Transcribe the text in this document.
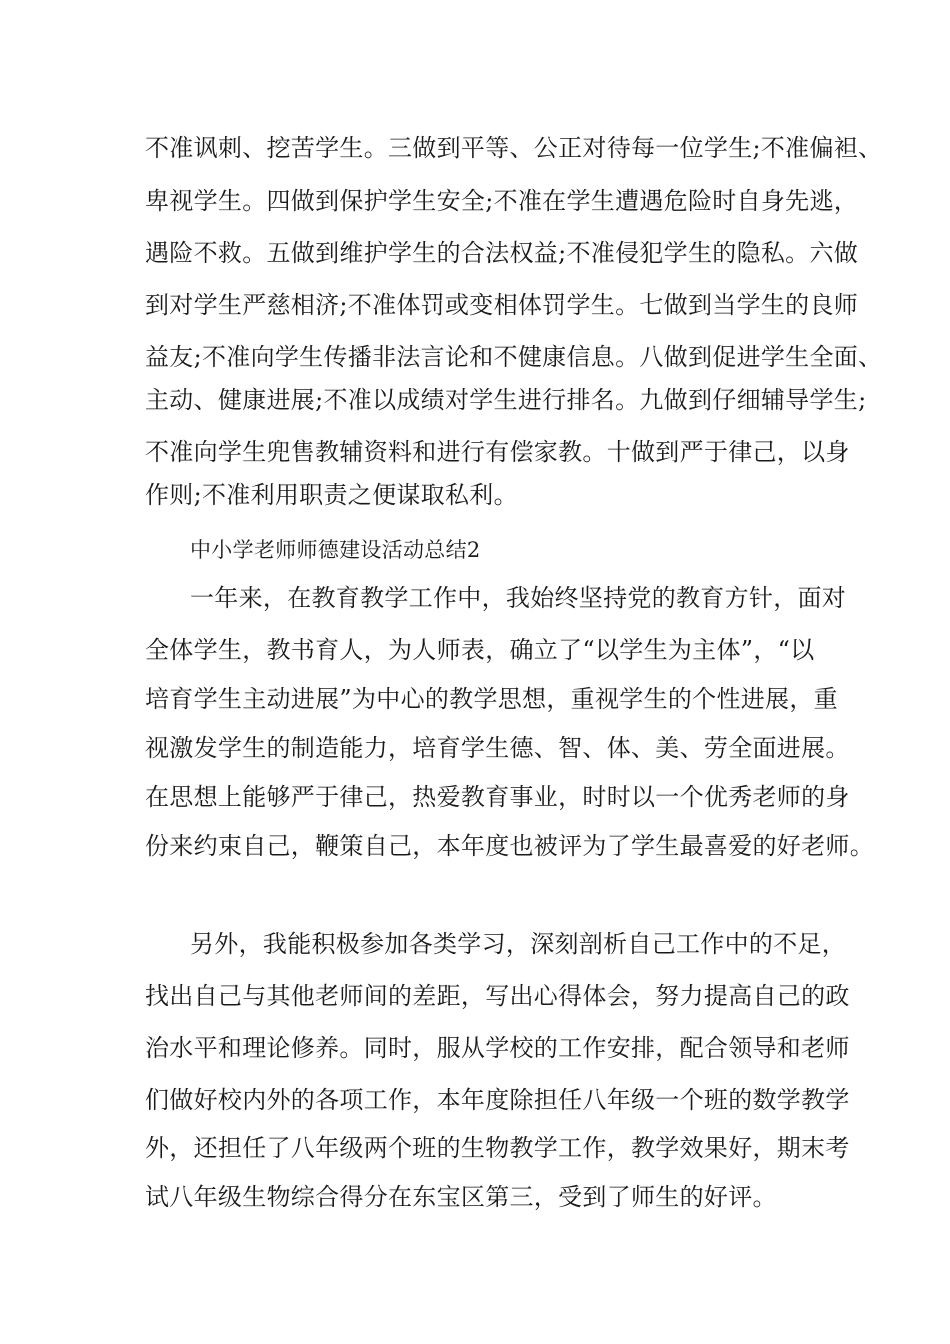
不准讽刺、挖苦学生。三做到平等、公正对待每一位学生;不准偏袒、
卑视学生。四做到保护学生安全;不准在学生遭遇危险时自身先逃，
遇险不救。五做到维护学生的合法权益;不准侵犯学生的隐私。六做
到对学生严慈相济;不准体罚或变相体罚学生。七做到当学生的良师
益友;不准向学生传播非法言论和不健康信息。八做到促进学生全面、
主动、健康进展;不准以成绩对学生进行排名。九做到仔细辅导学生;
不准向学生兜售教辅资料和进行有偿家教。十做到严于律己，以身
作则;不准利用职责之便谋取私利。
中小学老师师德建设活动总结2
一年来，在教育教学工作中，我始终坚持党的教育方针，面对
全体学生，教书育人，为人师表，确立了“以学生为主体”，“以
培育学生主动进展”为中心的教学思想，重视学生的个性进展，重
视激发学生的制造能力，培育学生德、智、体、美、劳全面进展。
在思想上能够严于律己，热爱教育事业，时时以一个优秀老师的身
份来约束自己，鞭策自己，本年度也被评为了学生最喜爱的好老师。
另外，我能积极参加各类学习，深刻剖析自己工作中的不足，
找出自己与其他老师间的差距，写出心得体会，努力提高自己的政
治水平和理论修养。同时，服从学校的工作安排，配合领导和老师
们做好校内外的各项工作，本年度除担任八年级一个班的数学教学
外，还担任了八年级两个班的生物教学工作，教学效果好，期末考
试八年级生物综合得分在东宝区第三，受到了师生的好评。
